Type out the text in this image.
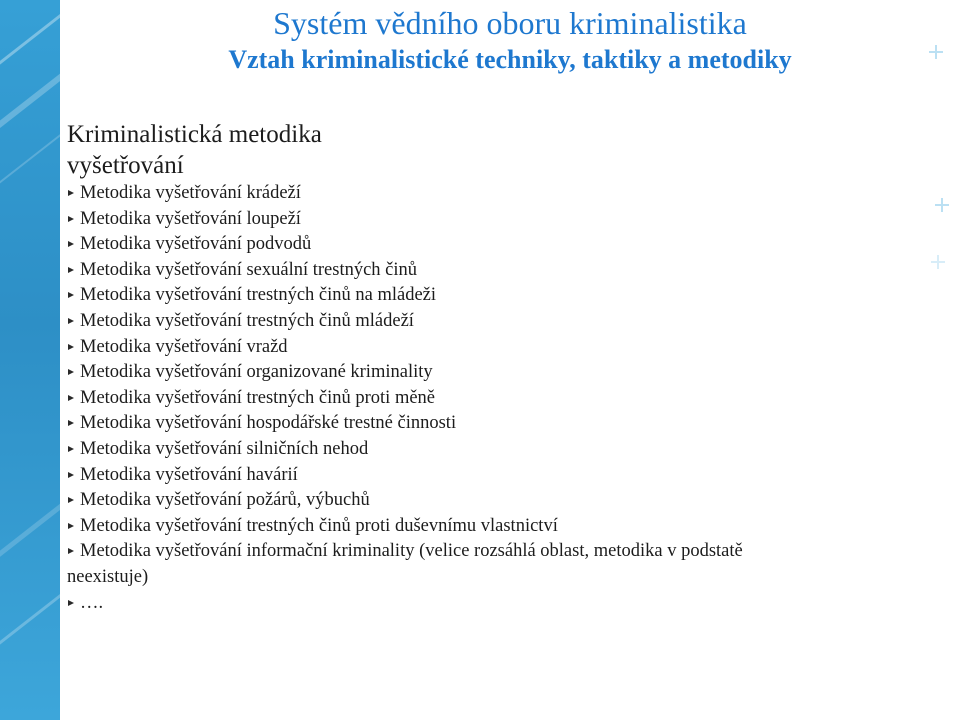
Systém vědního oboru kriminalistika
Vztah kriminalistické techniky, taktiky a metodiky
Kriminalistická metodika vyšetřování
Metodika vyšetřování krádeží
Metodika vyšetřování loupeží
Metodika vyšetřování podvodů
Metodika vyšetřování sexuální trestných činů
Metodika vyšetřování trestných činů na mládeži
Metodika vyšetřování trestných činů mládeží
Metodika vyšetřování vražd
Metodika vyšetřování organizované kriminality
Metodika vyšetřování trestných činů proti měně
Metodika vyšetřování hospodářské trestné činnosti
Metodika vyšetřování silničních nehod
Metodika vyšetřování havárií
Metodika vyšetřování požárů, výbuchů
Metodika vyšetřování trestných činů proti duševnímu vlastnictví
Metodika vyšetřování informační kriminality (velice rozsáhlá oblast, metodika v podstatě
neexistuje)
….
